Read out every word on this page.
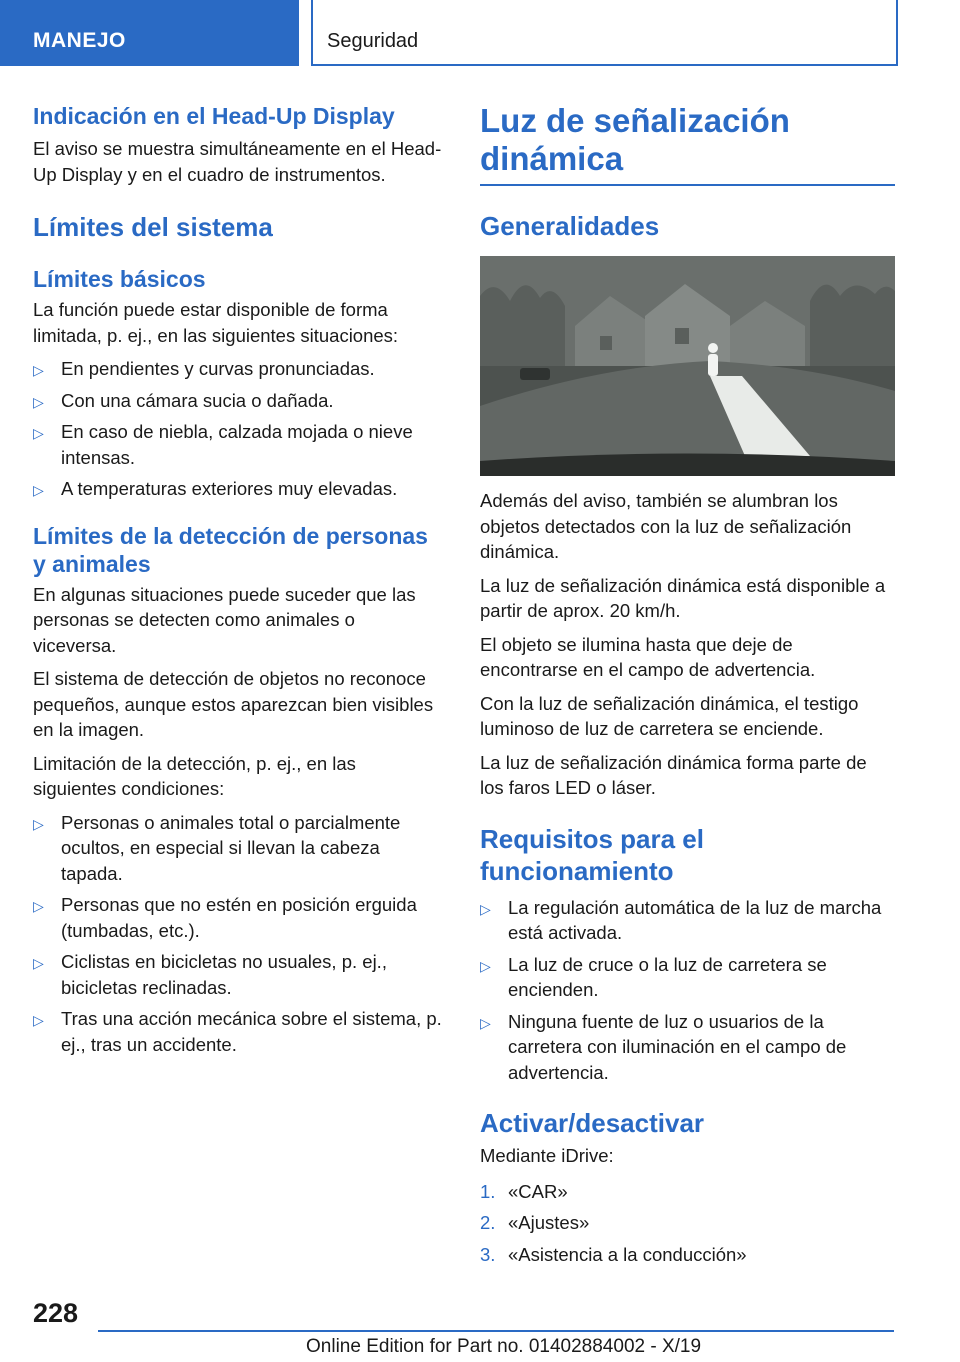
MANEJO	Seguridad
Indicación en el Head-Up Display

El aviso se muestra simultáneamente en el Head-Up Display y en el cuadro de instrumentos.

Límites del sistema
Límites básicos

La función puede estar disponible de forma limitada, p. ej., en las siguientes situaciones:

▷ En pendientes y curvas pronunciadas.
▷ Con una cámara sucia o dañada.
▷ En caso de niebla, calzada mojada o nieve intensas.
▷ A temperaturas exteriores muy elevadas.
Límites de la detección de personas y animales

En algunas situaciones puede suceder que las personas se detecten como animales o viceversa.

El sistema de detección de objetos no reconoce pequeños, aunque estos aparezcan bien visibles en la imagen.

Limitación de la detección, p. ej., en las siguientes condiciones:

▷ Personas o animales total o parcialmente ocultos, en especial si llevan la cabeza tapada.
▷ Personas que no estén en posición erguida (tumbadas, etc.).
▷ Ciclistas en bicicletas no usuales, p. ej., bicicletas reclinadas.
▷ Tras una acción mecánica sobre el sistema, p. ej., tras un accidente.
Luz de señalización dinámica
Generalidades

Además del aviso, también se alumbran los objetos detectados con la luz de señalización dinámica.

La luz de señalización dinámica está disponible a partir de aprox. 20 km/h.

El objeto se ilumina hasta que deje de encontrarse en el campo de advertencia.

Con la luz de señalización dinámica, el testigo luminoso de luz de carretera se enciende.

La luz de señalización dinámica forma parte de los faros LED o láser.

Requisitos para el funcionamiento
▷ La regulación automática de la luz de marcha está activada.
▷ La luz de cruce o la luz de carretera se encienden.
▷ Ninguna fuente de luz o usuarios de la carretera con iluminación en el campo de advertencia.
Activar/desactivar

Mediante iDrive:

1. «CAR»
2. «Ajustes»
3. «Asistencia a la conducción»
228
Online Edition for Part no. 01402884002 - X/19
